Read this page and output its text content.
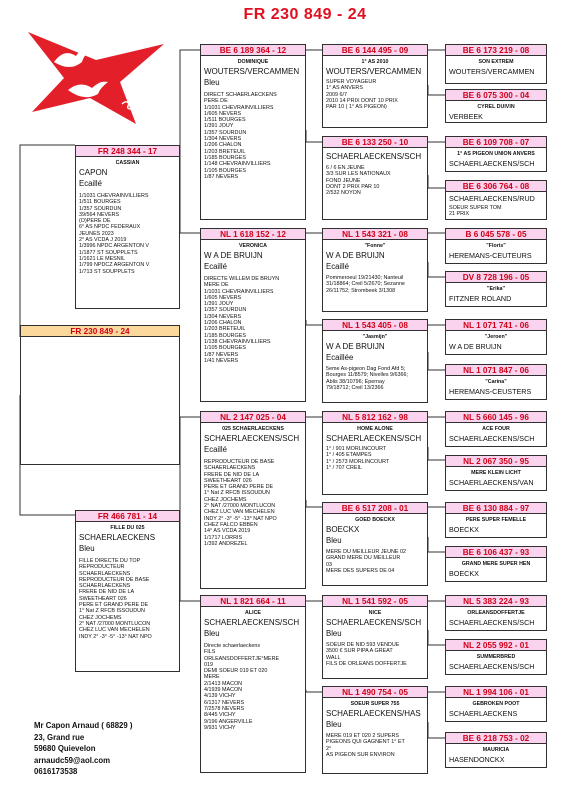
FR 230 849 - 24
FR 230 849 - 24
FR 248 344 - 17
CASSIAN
CAPON
Ecaillé
1/1031 CHEVRAINVILLIERS
1/511 BOURGES
1/357 SOURDUN
39/564 NEVERS
(O)PERE DE
6° AS NPDC FEDERAUX
JEUNES 2023
2° AS VCDA J 2019
1/3996 NPDC ARGENTON V
1/1877 ST SOUPPLETS
1/1621 LE MESNIL
1/799 NPDCZ ARGENTON V
1/713 ST SOUPPLETS
FR 466 781 - 14
FILLE DU 025
SCHAERLAECKENS
Bleu
FILLE DIRECTE DU TOP
REPRODUCTEUR
SCHAERLAECKENS
REPRODUCTEUR DE BASE
SCHAERLAECKENS
FRERE DE NID DE LA
SWEETHEART 026
PERE ET GRAND PERE DE
1° Nat Z RFCB ISSOUDUN
CHEZ JOCHEMS
2° NAT /27000 MONTLUCON
CHEZ LUC VAN MECHELEN
INDY 2° -3° -5° -13° NAT NPO
BE 6 189 364 - 12
DOMINIQUE
WOUTERS/VERCAMMEN
Bleu
DIRECT SCHAERLAECKENS
PERE DE
1/1031 CHEVRAINVILLIERS
1/605 NEVERS
1/511 BOURGES
1/391 JOUY
1/357 SOURDUN
1/304 NEVERS
1/206 CHALON
1/203 BRETEUIL
1/185 BOURGES
1/148 CHEVRAINVILLIERS
1/105 BOURGES
1/87 NEVERS
NL 1 618 152 - 12
VERONICA
W A DE BRUIJN
Ecaillé
DIRECTE WILLEM DE BRUYN
MERE DE
1/1031 CHEVRAINVILLIERS
1/605 NEVERS
1/391 JOUY
1/357 SOURDUN
1/304 NEVERS
1/206 CHALON
1/203 BRETEUIL
1/185 BOURGES
1/138 CHEVRAINVILLIERS
1/105 BOURGES
1/87 NEVERS
1/41 NEVERS
NL 2 147 025 - 04
025 SCHAERLAECKENS
SCHAERLAECKENS/SCH
Ecaillé
REPRODUCTEUR DE BASE
SCHAERLAECKENS
FRERE DE NID DE LA
SWEETHEART 026
PERE ET GRAND PERE DE
1° Nat Z RFCB ISSOUDUN
CHEZ JOCHEMS
2° NAT /27000 MONTLUCON
CHEZ LUC VAN MECHELEN
INDY 2° -3° -5° -13° NAT NPO
CHEZ FALCO EBBEN
14° AS VCDA 2019
1/1717 LORRIS
1/392 ANDREZEL
NL 1 821 664 - 11
ALICE
SCHAERLAECKENS/SCH
Bleu
Directe schaerlaeckens
FILS
ORLEANSDOFFERTJE°MERE
019
DEMI SOEUR 019 ET 020
MERE
2/1413 MACON
4/1939 MACON
4/139 VICHY
6/1317 NEVERS
7/2578 NEVERS
8/445 VICHY
9/196 ANGERVILLE
9/931 VICHY
BE 6 144 495 - 09
1° AS 2010
WOUTERS/VERCAMMEN
SUPER VOYAGEUR
1° AS ANVERS
2009 6/7
2010 14 PRIX DONT 10 PRIX
PAR 10 ( 1° AS PIGEON)
BE 6 133 250 - 10
SCHAERLAECKENS/SCH
6 / 6 EN JEUNE
3/3 SUR LES NATIONAUX
FOND JEUNE
DONT 2 PRIX PAR 10
2/532 NOYON
NL 1 543 321 - 08
"Fonne"
W A DE BRUIJN
Ecaillé
Pommeroeul 19/21430; Nanteuil
31/18864; Creil 5/2670; Sezanne
26/11752; Strombeek 3/1308
NL 1 543 405 - 08
"Jasmijn"
W A DE BRUIJN
Ecaillée
5eme As-pigeon Dag Fond Afd 5;
Bourges 11/8579; Nivelles 9/6366;
Ablis 38/10796; Epernay
79/18712; Creil 13/2366
NL 5 812 162 - 98
HOME ALONE
SCHAERLAECKENS/SCH
1° / 901 MORLINCOURT
1° / 405 ETAMPES
1° / 2573 MORLINCOURT
1° / 707 CREIL
BE 6 517 208 - 01
GOED BOECKX
BOECKX
Bleu
MERE DU MEILLEUR JEUNE 02
GRAND MERE DU MEILLEUR
03
MERE DES SUPERS DE 04
NL 1 541 592 - 05
NICE
SCHAERLAECKENS/SCH
Bleu
SOEUR DE NID 593 VENDUE
3500 € SUR PIPA A GREAT
WALL
FILS DE ORLEANS DOFFERTJE
NL 1 490 754 - 05
SOEUR SUPER 755
SCHAERLAECKENS/HAS
Bleu
MERE 019 ET 020 2 SUPERS
PIGEONS QUI GAGNENT 1° ET
2°
AS PIGEON SUR ENVIRON
BE 6 173 219 - 08
SON EXTREM
WOUTERS/VERCAMMEN
BE 6 075 300 - 04
CYREL DUIVIN
VERBEEK
BE 6 109 708 - 07
1° AS PIGEON UNION ANVERS
SCHAERLAECKENS/SCH
BE 6 306 764 - 08
SCHAERLAECKENS/RUD
SOEUR SUPER TOM
21 PRIX
B 6 045 578 - 05
"Floris"
HEREMANS-CEUTEURS
DV 8 728 196 - 05
"Erika"
FITZNER ROLAND
NL 1 071 741 - 06
"Jeroen"
W A DE BRUIJN
NL 1 071 847 - 06
"Carina"
HEREMANS-CEUSTERS
NL 5 660 145 - 96
ACE FOUR
SCHAERLAECKENS/SCH
NL 2 067 350 - 95
MERE KLEIN LICHT
SCHAERLAECKENS/VAN
BE 6 130 884 - 97
PERE SUPER FEMELLE
BOECKX
BE 6 106 437 - 93
GRAND MERE SUPER HEN
BOECKX
NL 5 383 224 - 93
ORLEANSDOFFERTJE
SCHAERLAECKENS/SCH
NL 2 055 992 - 01
SUMMERBRED
SCHAERLAECKENS/SCH
NL 1 994 106 - 01
GEBROKEN POOT
SCHAERLAECKENS
BE 6 218 753 - 02
MAURICIA
HASENDONCKX
Mr Capon Arnaud ( 68829 )
23, Grand rue
59680 Quievelon
arnaudc59@aol.com
0616173538
